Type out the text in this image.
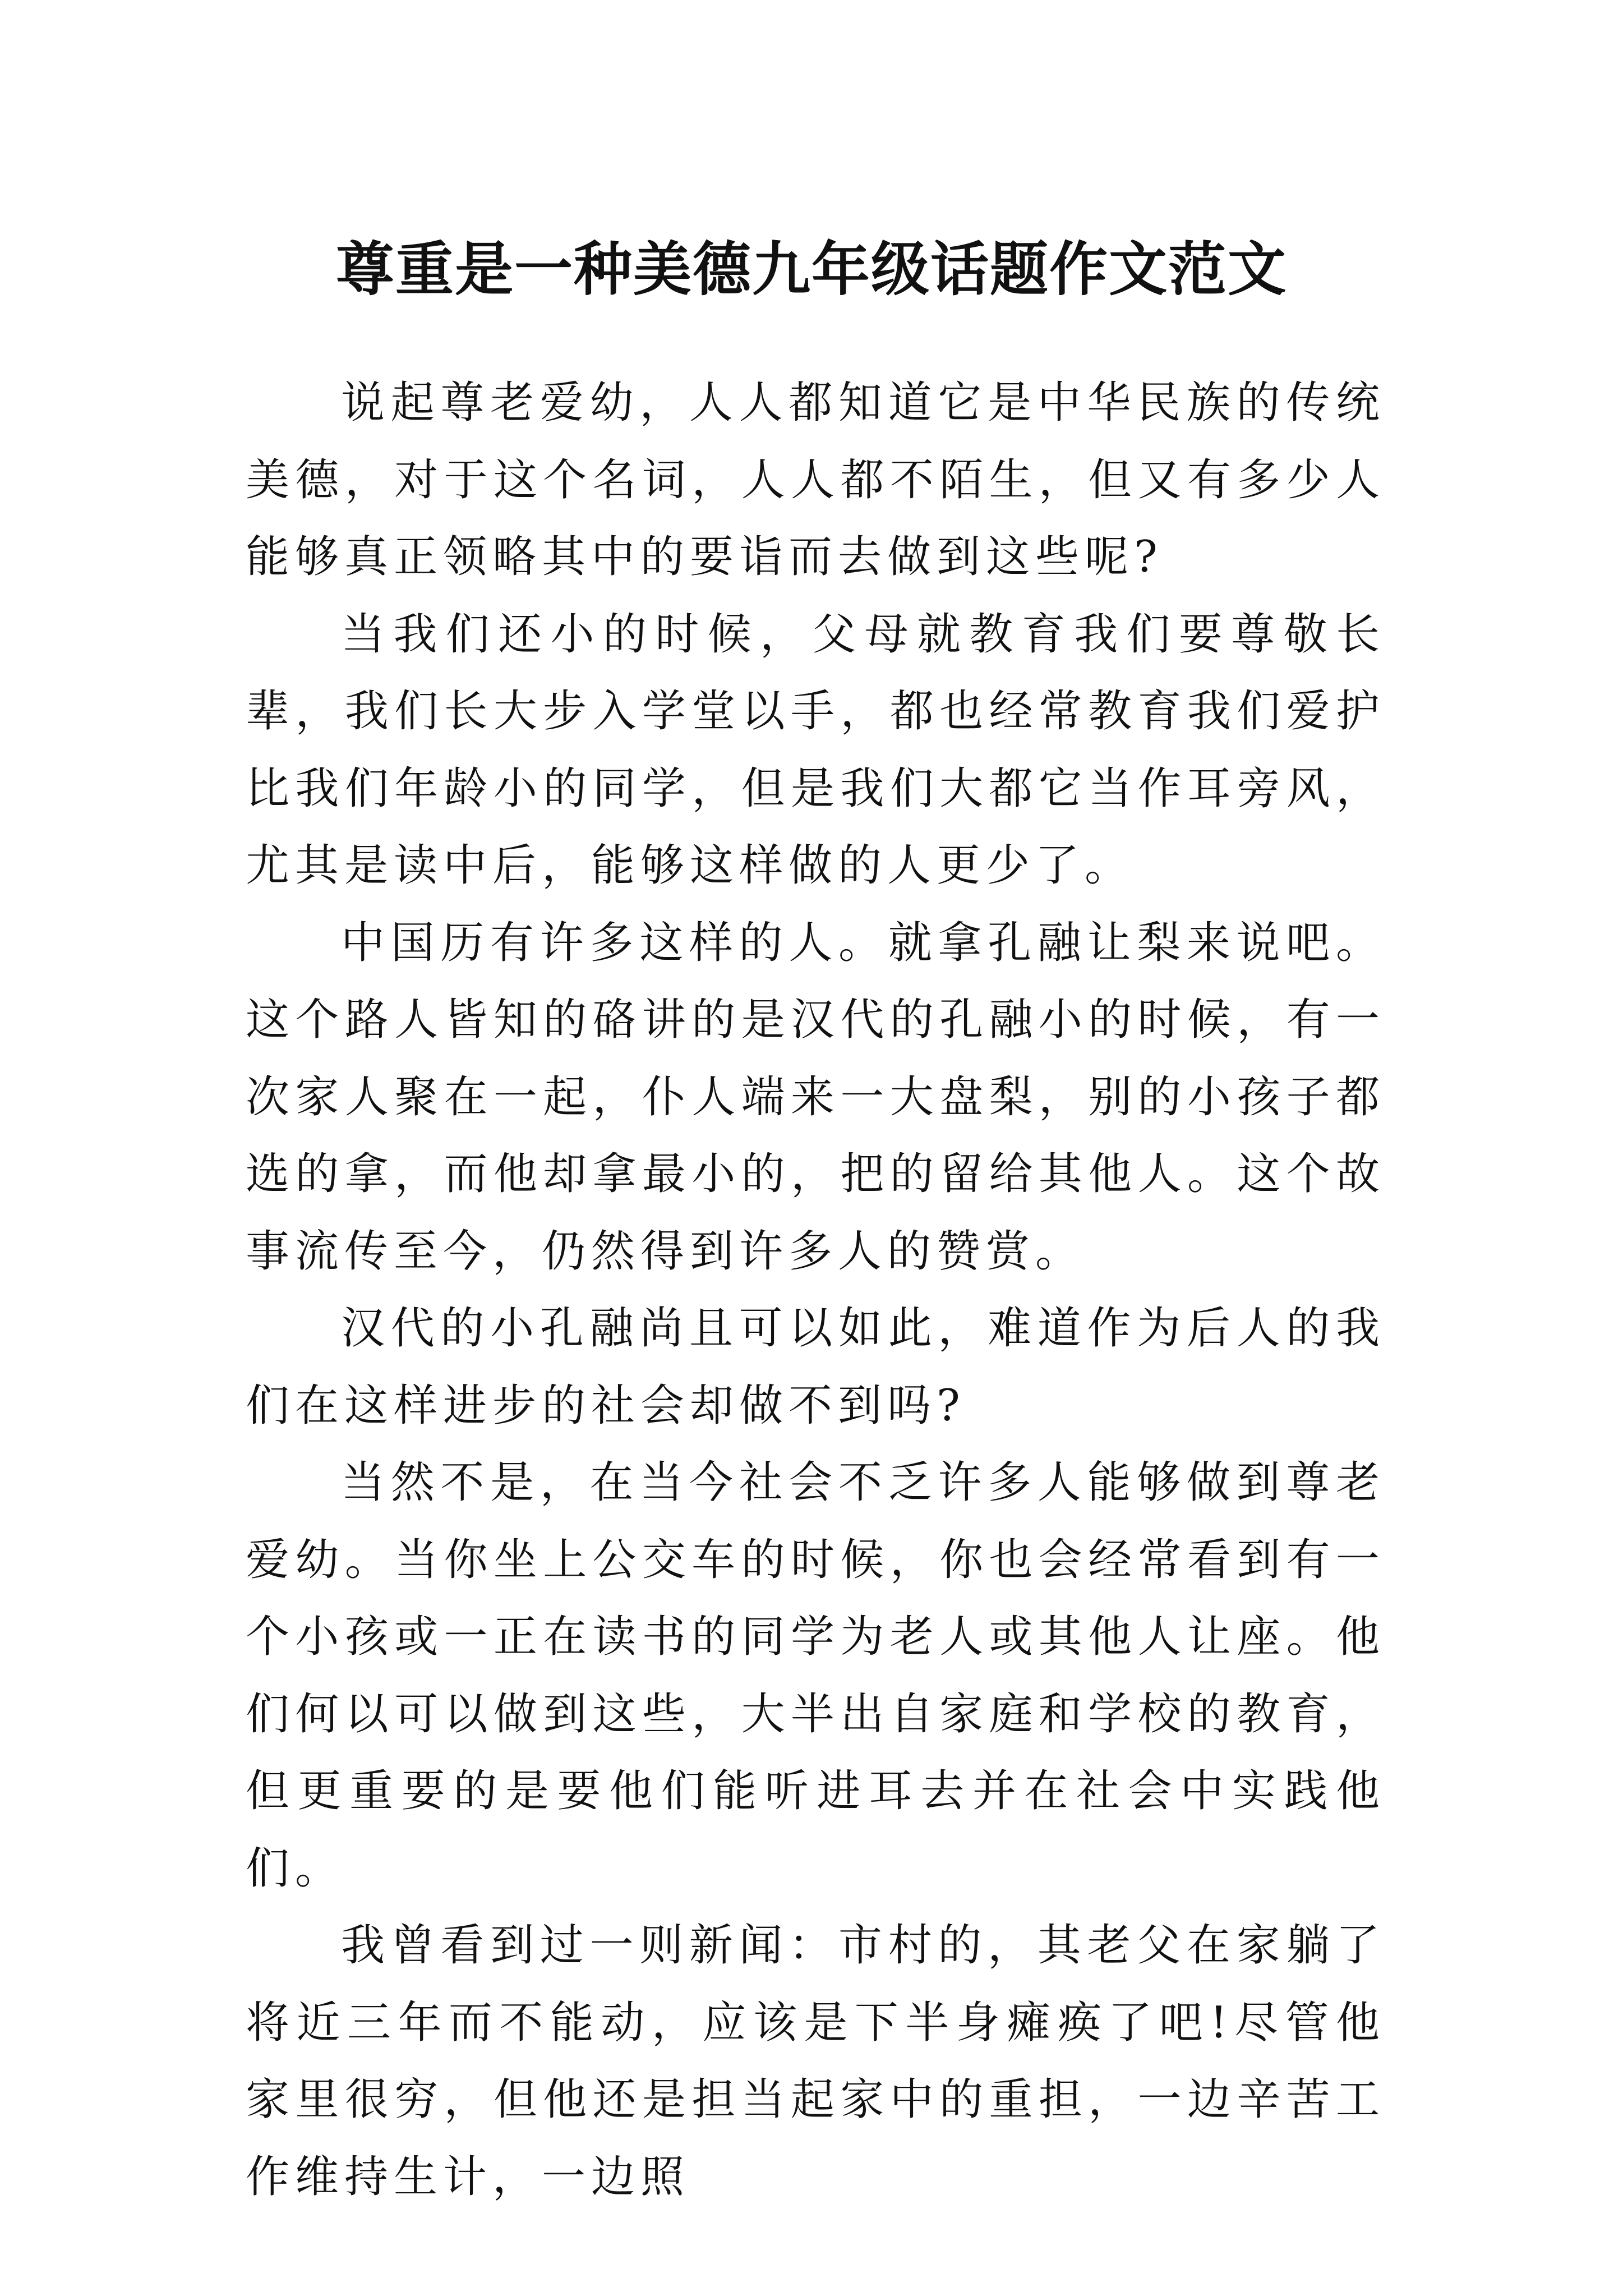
尊重是一种美德九年级话题作文范文

说起尊老爱幼，人人都知道它是中华民族的传统美德，对于这个名词，人人都不陌生，但又有多少人能够真正领略其中的要诣而去做到这些呢?

当我们还小的时候，父母就教育我们要尊敬长辈，我们长大步入学堂以手，都也经常教育我们爱护比我们年龄小的同学，但是我们大都它当作耳旁风，尤其是读中后，能够这样做的人更少了。

中国历有许多这样的人。就拿孔融让梨来说吧。这个路人皆知的硌讲的是汉代的孔融小的时候，有一次家人聚在一起，仆人端来一大盘梨，别的小孩子都选的拿，而他却拿最小的，把的留给其他人。这个故事流传至今，仍然得到许多人的赞赏。

汉代的小孔融尚且可以如此，难道作为后人的我们在这样进步的社会却做不到吗?

当然不是，在当今社会不乏许多人能够做到尊老爱幼。当你坐上公交车的时候，你也会经常看到有一个小孩或一正在读书的同学为老人或其他人让座。他们何以可以做到这些，大半出自家庭和学校的教育，但更重要的是要他们能听进耳去并在社会中实践他们。

我曾看到过一则新闻：市村的，其老父在家躺了将近三年而不能动，应该是下半身瘫痪了吧!尽管他家里很穷，但他还是担当起家中的重担，一边辛苦工作维持生计，一边照
